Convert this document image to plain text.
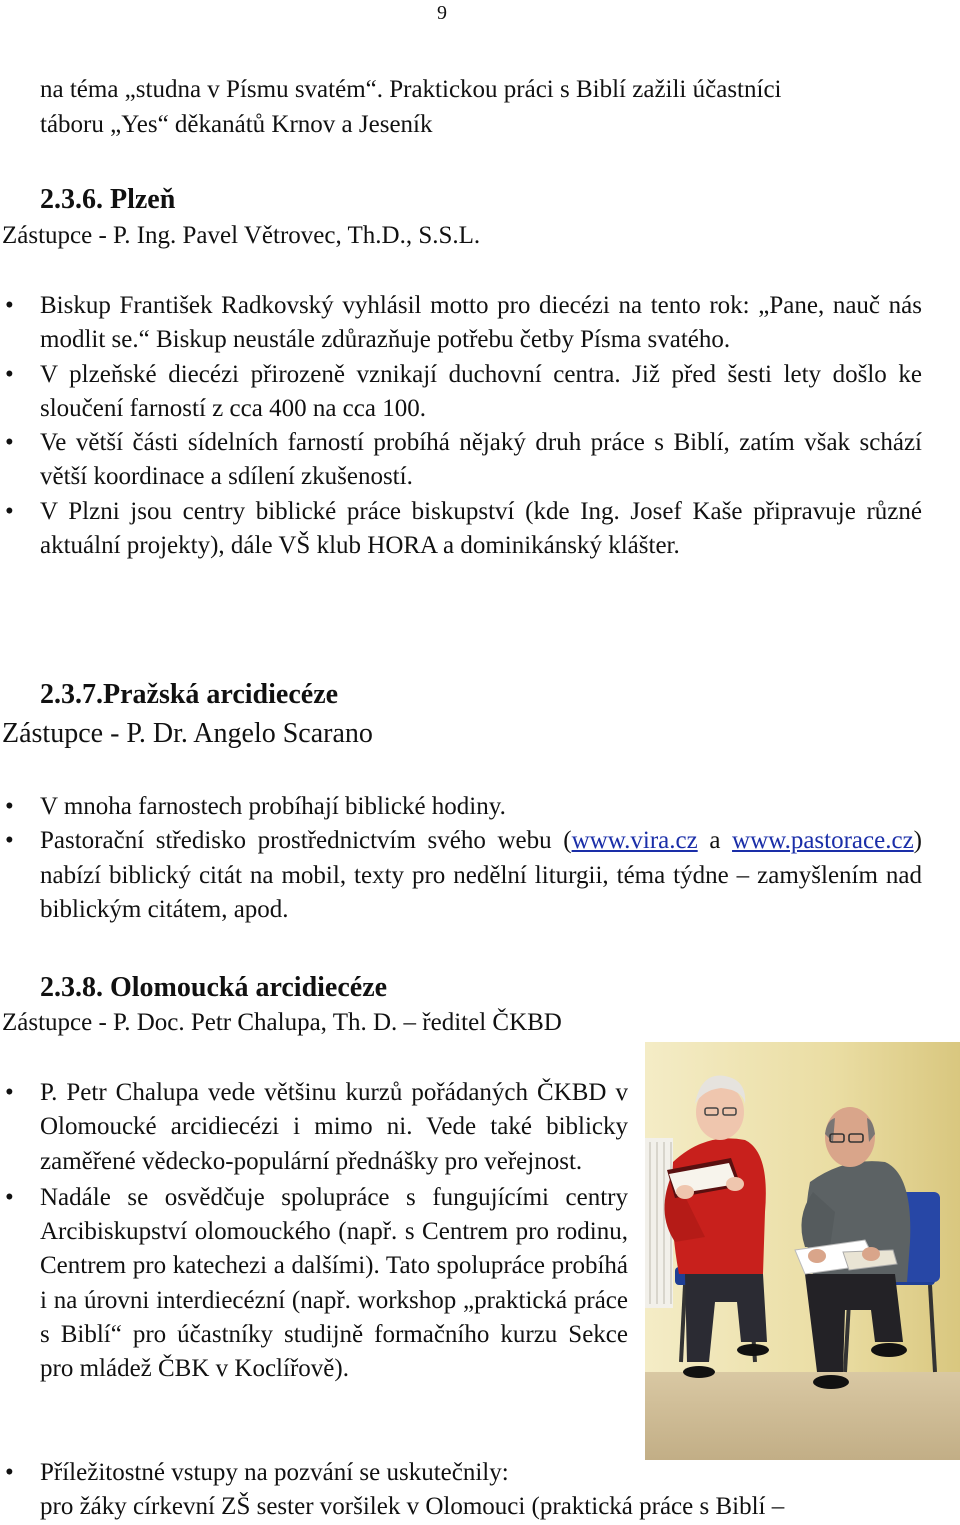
9
na téma „studna v Písmu svatém“. Praktickou práci s Biblí zažili účastníci
táboru „Yes“ děkanátů Krnov a Jeseník
2.3.6. Plzeň
Zástupce - P. Ing. Pavel Větrovec, Th.D., S.S.L.
• Biskup František Radkovský vyhlásil motto pro diecézi na tento rok: „Pane, nauč nás modlit se.“ Biskup neustále zdůrazňuje potřebu četby Písma svatého.
• V plzeňské diecézi přirozeně vznikají duchovní centra. Již před šesti lety došlo ke sloučení farností z cca 400 na cca 100.
• Ve větší části sídelních farností probíhá nějaký druh práce s Biblí, zatím však schází větší koordinace a sdílení zkušeností.
• V Plzni jsou centry biblické práce biskupství (kde Ing. Josef Kaše připravuje různé aktuální projekty), dále VŠ klub HORA a dominikánský klášter.
2.3.7.Pražská arcidiecéze
Zástupce - P. Dr. Angelo Scarano
• V mnoha farnostech probíhají biblické hodiny.
• Pastorační středisko prostřednictvím svého webu (www.vira.cz a www.pastorace.cz) nabízí biblický citát na mobil, texty pro nedělní liturgii, téma týdne – zamyšlením nad biblickým citátem, apod.
2.3.8. Olomoucká arcidiecéze
Zástupce - P. Doc. Petr Chalupa, Th. D. – ředitel ČKBD
• P. Petr Chalupa vede většinu kurzů pořádaných ČKBD v Olomoucké arcidiecézi i mimo ni. Vede také biblicky zaměřené vědecko-populární přednášky pro veřejnost.
• Nadále se osvědčuje spolupráce s fungujícími centry Arcibiskupství olomouckého (např. s Centrem pro rodinu, Centrem pro katechezi a dalšími). Tato spolupráce probíhá i na úrovni interdiecézní (např. workshop „praktická práce s Biblí“ pro účastníky studijně formačního kurzu Sekce pro mládež ČBK v Koclířově).
• Příležitostné vstupy na pozvání se uskutečnily:
pro žáky církevní ZŠ sester voršilek v Olomouci (praktická práce s Biblí –
